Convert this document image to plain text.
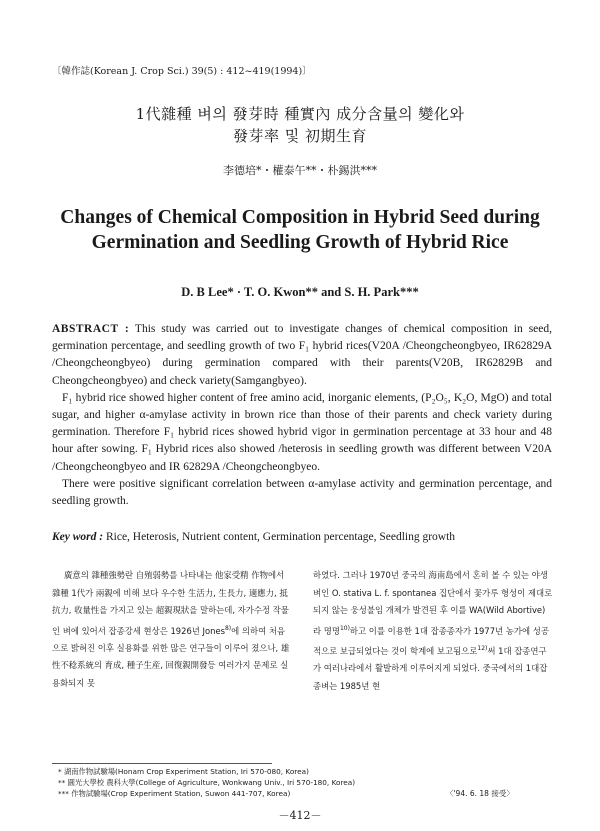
〔韓作誌(Korean J. Crop Sci.) 39(5) : 412~419(1994)〕
1代雜種 벼의 發芽時 種實內 成分含量의 變化와
發芽率 및 初期生育
李德培*・權泰午**・朴錫洪***
Changes of Chemical Composition in Hybrid Seed during
Germination and Seedling Growth of Hybrid Rice
D. B Lee* · T. O. Kwon** and S. H. Park***

ABSTRACT : This study was carried out to investigate changes of chemical composition in seed, germination percentage, and seedling growth of two F₁ hybrid rices(V20A /Cheongcheongbyeo, IR62829A /Cheongcheongbyeo) during germination compared with their parents(V20B, IR62829B and Cheongcheongbyeo) and check variety(Samgangbyeo).

F₁ hybrid rice showed higher content of free amino acid, inorganic elements, (P₂O₅, K₂O, MgO) and total sugar, and higher α-amylase activity in brown rice than those of their parents and check variety during germination. Therefore F₁ hybrid rices showed hybrid vigor in germination percentage at 33 hour and 48 hour after sowing. F₁ Hybrid rices also showed /heterosis in seedling growth was different between V20A /Cheongcheongbyeo and IR 62829A /Cheongcheongbyeo.

There were positive significant correlation between α-amylase activity and germination percentage, and seedling growth.

Key word : Rice, Heterosis, Nutrient content, Germination percentage, Seedling growth

廣意의 雜種強勢란 自殖弱勢를 나타내는 他家受精 作物에서 雜種 1代가 兩親에 비해 보다 우수한 生活力, 生長力, 適應力, 抵抗力, 收量性을 가지고 있는 超親現狀을 말하는데, 자가수정 작물인 벼에 있어서 잡종강세 현상은 1926년 Jones$^{8)}$에 의하여 처음으로 밝혀진 이후 실용화를 위한 많은 연구들이 이루어 졌으나, 雄性不稔系統의 育成, 種子生産, 回復親開發등 여러가지 문제로 실용화되지 못

하였다. 그러나 1970년 중국의 海南島에서 혼히 볼 수 있는 야생벼인 O. stativa L. f. spontanea 집단에서 꽃가루 형성이 제대로 되지 않는 웅성불임 개체가 발견된 후 이를 WA(Wild Abortive)라 명명$^{10)}$하고 이를 이용한 1대 잡종종자가 1977년 농가에 성공적으로 보급되었다는 것이 학계에 보고됨으로$^{12)}$써 1대 잡종연구가 여러나라에서 활발하게 이루어지게 되었다. 중국에서의 1대잡종벼는 1985년 현

* 湖南作物試驗場(Honam Crop Experiment Station, Iri 570-080, Korea)
** 圓光大學校 農科大學(College of Agriculture, Wonkwang Univ., Iri 570-180, Korea)
*** 作物試驗場(Crop Experiment Station, Suwon 441-707, Korea)	〈'94. 6. 18 接受〉
－412－
